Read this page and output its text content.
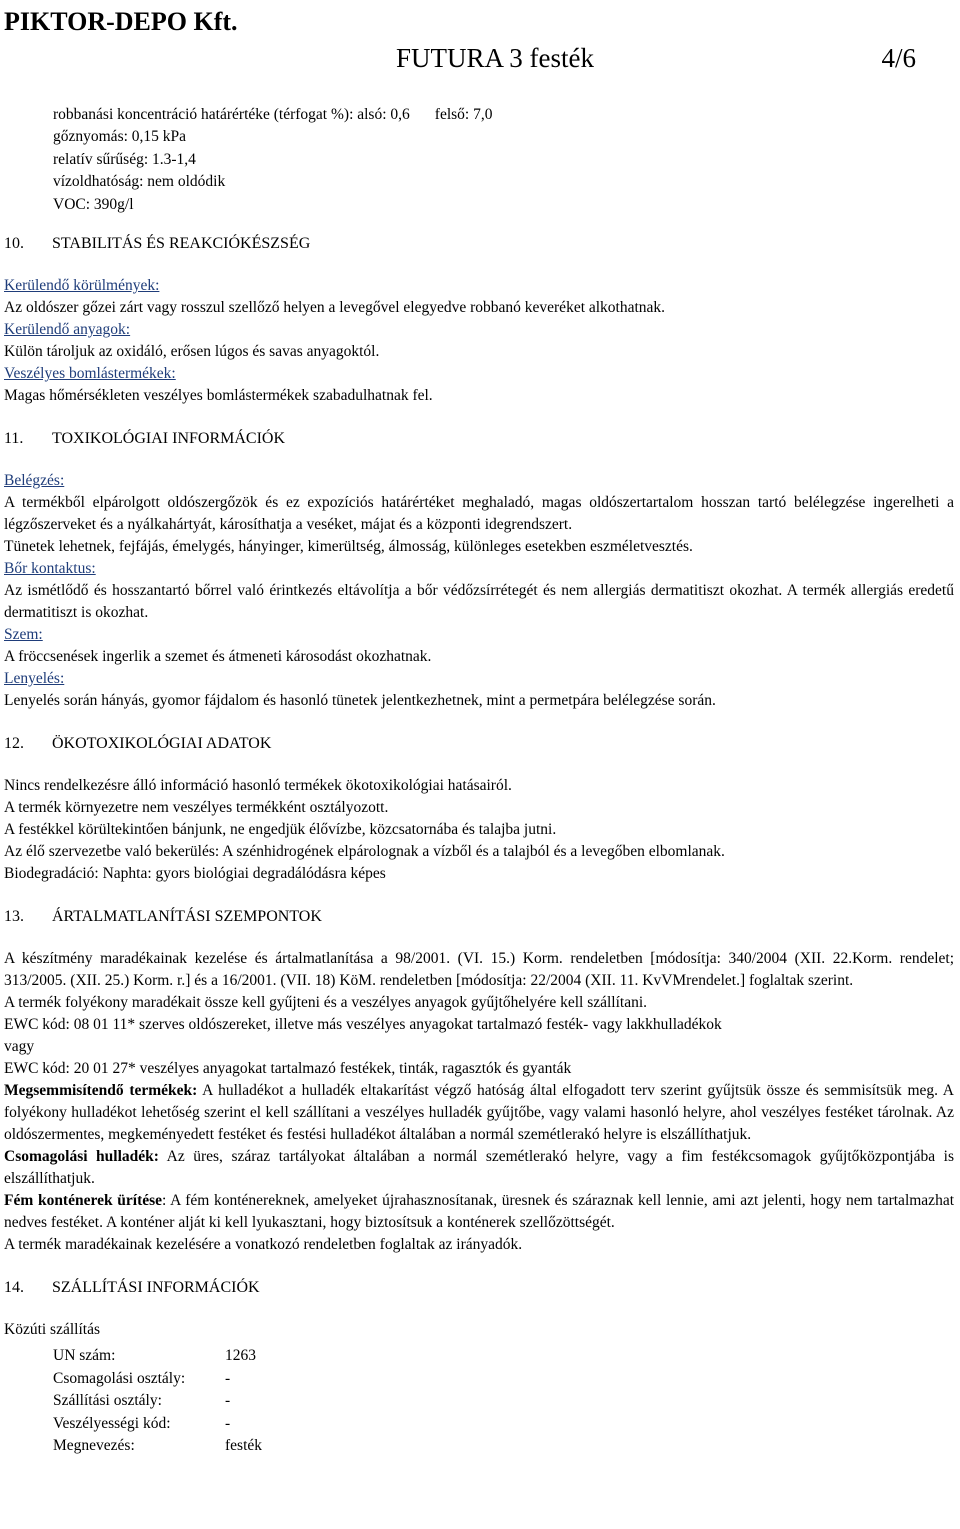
PIKTOR-DEPO Kft.
FUTURA 3 festék	4/6
robbanási koncentráció határértéke (térfogat %): alsó: 0,6 felső: 7,0
gőznyomás: 0,15 kPa
relatív sűrűség: 1.3-1,4
vízoldhatóság: nem oldódik
VOC: 390g/l
10. STABILITÁS ÉS REAKCIÓKÉSZSÉG
Kerülendő körülmények:
Az oldószer gőzei zárt vagy rosszul szellőző helyen a levegővel elegyedve robbanó keveréket alkothatnak.
Kerülendő anyagok:
Külön tároljuk az oxidáló, erősen lúgos és savas anyagoktól.
Veszélyes bomlástermékek:
Magas hőmérsékleten veszélyes bomlástermékek szabadulhatnak fel.
11. TOXIKOLÓGIAI INFORMÁCIÓK
Belégzés:
A termékből elpárolgott oldószergőzök és ez expozíciós határértéket meghaladó, magas oldószertartalom hosszan tartó belélegzése ingerelheti a légzőszerveket és a nyálkahártyát, károsíthatja a veséket, májat és a központi idegrendszert.
Tünetek lehetnek, fejfájás, émelygés, hányinger, kimerültség, álmosság, különleges esetekben eszméletvesztés.
Bőr kontaktus:
Az ismétlődő és hosszantartó bőrrel való érintkezés eltávolítja a bőr védőzsírrétegét és nem allergiás dermatitiszt okozhat. A termék allergiás eredetű dermatitiszt is okozhat.
Szem:
A fröccsenések ingerlik a szemet és átmeneti károsodást okozhatnak.
Lenyelés:
Lenyelés során hányás, gyomor fájdalom és hasonló tünetek jelentkezhetnek, mint a permetpára belélegzése során.
12. ÖKOTOXIKOLÓGIAI ADATOK
Nincs rendelkezésre álló információ hasonló termékek ökotoxikológiai hatásairól.
A termék környezetre nem veszélyes termékként osztályozott.
A festékkel körültekintően bánjunk, ne engedjük élővízbe, közcsatornába és talajba jutni.
Az élő szervezetbe való bekerülés: A szénhidrogének elpárolognak a vízből és a talajból és a levegőben elbomlanak.
Biodegradáció: Naphta: gyors biológiai degradálódásra képes
13. ÁRTALMATLANÍTÁSI SZEMPONTOK
A készítmény maradékainak kezelése és ártalmatlanítása a 98/2001. (VI. 15.) Korm. rendeletben [módosítja: 340/2004 (XII. 22.Korm. rendelet; 313/2005. (XII. 25.) Korm. r.] és a 16/2001. (VII. 18) KöM. rendeletben [módosítja: 22/2004 (XII. 11. KvVMrendelet.] foglaltak szerint.
A termék folyékony maradékait össze kell gyűjteni és a veszélyes anyagok gyűjtőhelyére kell szállítani.
EWC kód: 08 01 11* szerves oldószereket, illetve más veszélyes anyagokat tartalmazó festék- vagy lakkhulladékok
vagy
EWC kód: 20 01 27* veszélyes anyagokat tartalmazó festékek, tinták, ragasztók és gyanták
Megsemmisítendő termékek: A hulladékot a hulladék eltakarítást végző hatóság által elfogadott terv szerint gyűjtsük össze és semmisítsük meg. A folyékony hulladékot lehetőség szerint el kell szállítani a veszélyes hulladék gyűjtőbe, vagy valami hasonló helyre, ahol veszélyes festéket tárolnak. Az oldószermentes, megkeményedett festéket és festési hulladékot általában a normál szemétlerakó helyre is elszállíthatjuk.
Csomagolási hulladék: Az üres, száraz tartályokat általában a normál szemétlerakó helyre, vagy a fim festékcsomagok gyűjtőközpontjába is elszállíthatjuk.
Fém konténerek ürítése: A fém konténereknek, amelyeket újrahasznosítanak, üresnek és száraznak kell lennie, ami azt jelenti, hogy nem tartalmazhat nedves festéket. A konténer alját ki kell lyukasztani, hogy biztosítsuk a konténerek szellőzöttségét.
A termék maradékainak kezelésére a vonatkozó rendeletben foglaltak az irányadók.
14. SZÁLLÍTÁSI INFORMÁCIÓK
Közúti szállítás
UN szám:	1263
Csomagolási osztály:	-
Szállítási osztály:	-
Veszélyességi kód:	-
Megnevezés:	festék
